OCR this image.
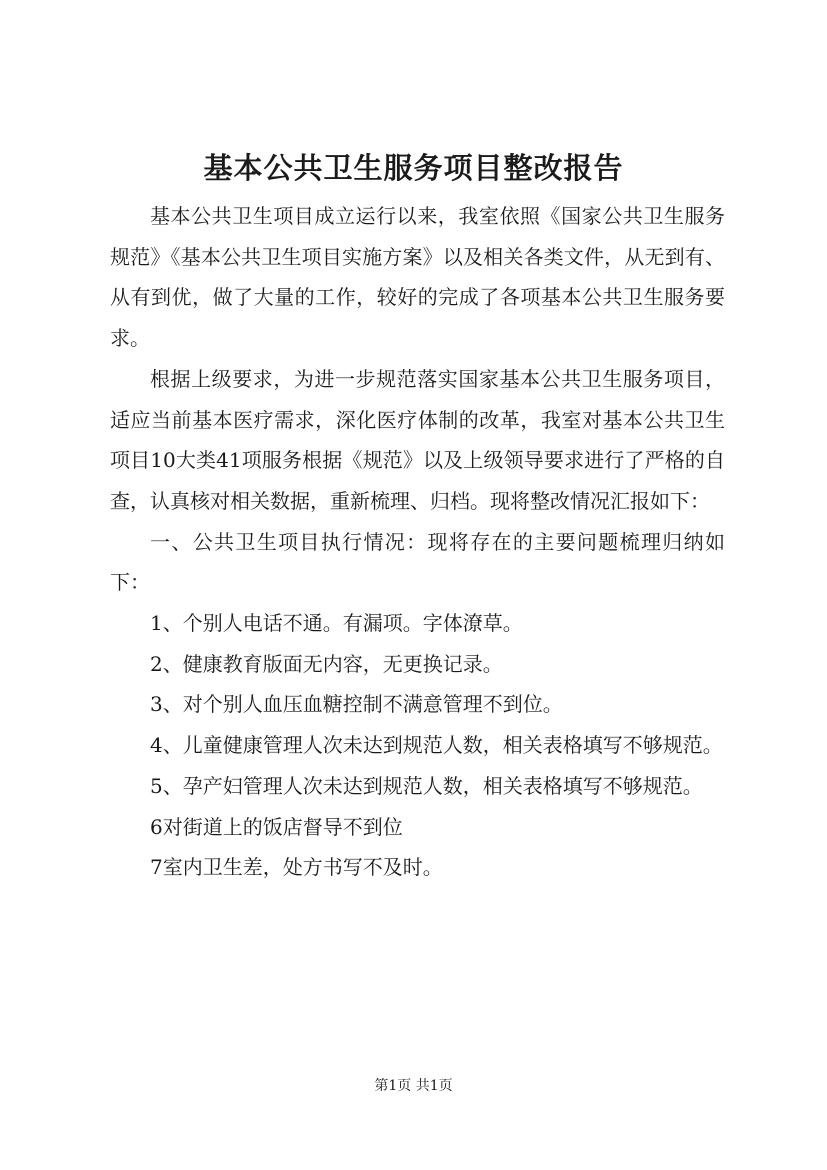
基本公共卫生服务项目整改报告

基本公共卫生项目成立运行以来，我室依照《国家公共卫生服务规范》《基本公共卫生项目实施方案》以及相关各类文件，从无到有、从有到优，做了大量的工作，较好的完成了各项基本公共卫生服务要求。

根据上级要求，为进一步规范落实国家基本公共卫生服务项目，适应当前基本医疗需求，深化医疗体制的改革，我室对基本公共卫生项目10大类41项服务根据《规范》以及上级领导要求进行了严格的自查，认真核对相关数据，重新梳理、归档。现将整改情况汇报如下：

一、公共卫生项目执行情况：现将存在的主要问题梳理归纳如下：

1、个别人电话不通。有漏项。字体潦草。

2、健康教育版面无内容，无更换记录。

3、对个别人血压血糖控制不满意管理不到位。

4、儿童健康管理人次未达到规范人数，相关表格填写不够规范。

5、孕产妇管理人次未达到规范人数，相关表格填写不够规范。

6对街道上的饭店督导不到位

7室内卫生差，处方书写不及时。

第1页 共1页
